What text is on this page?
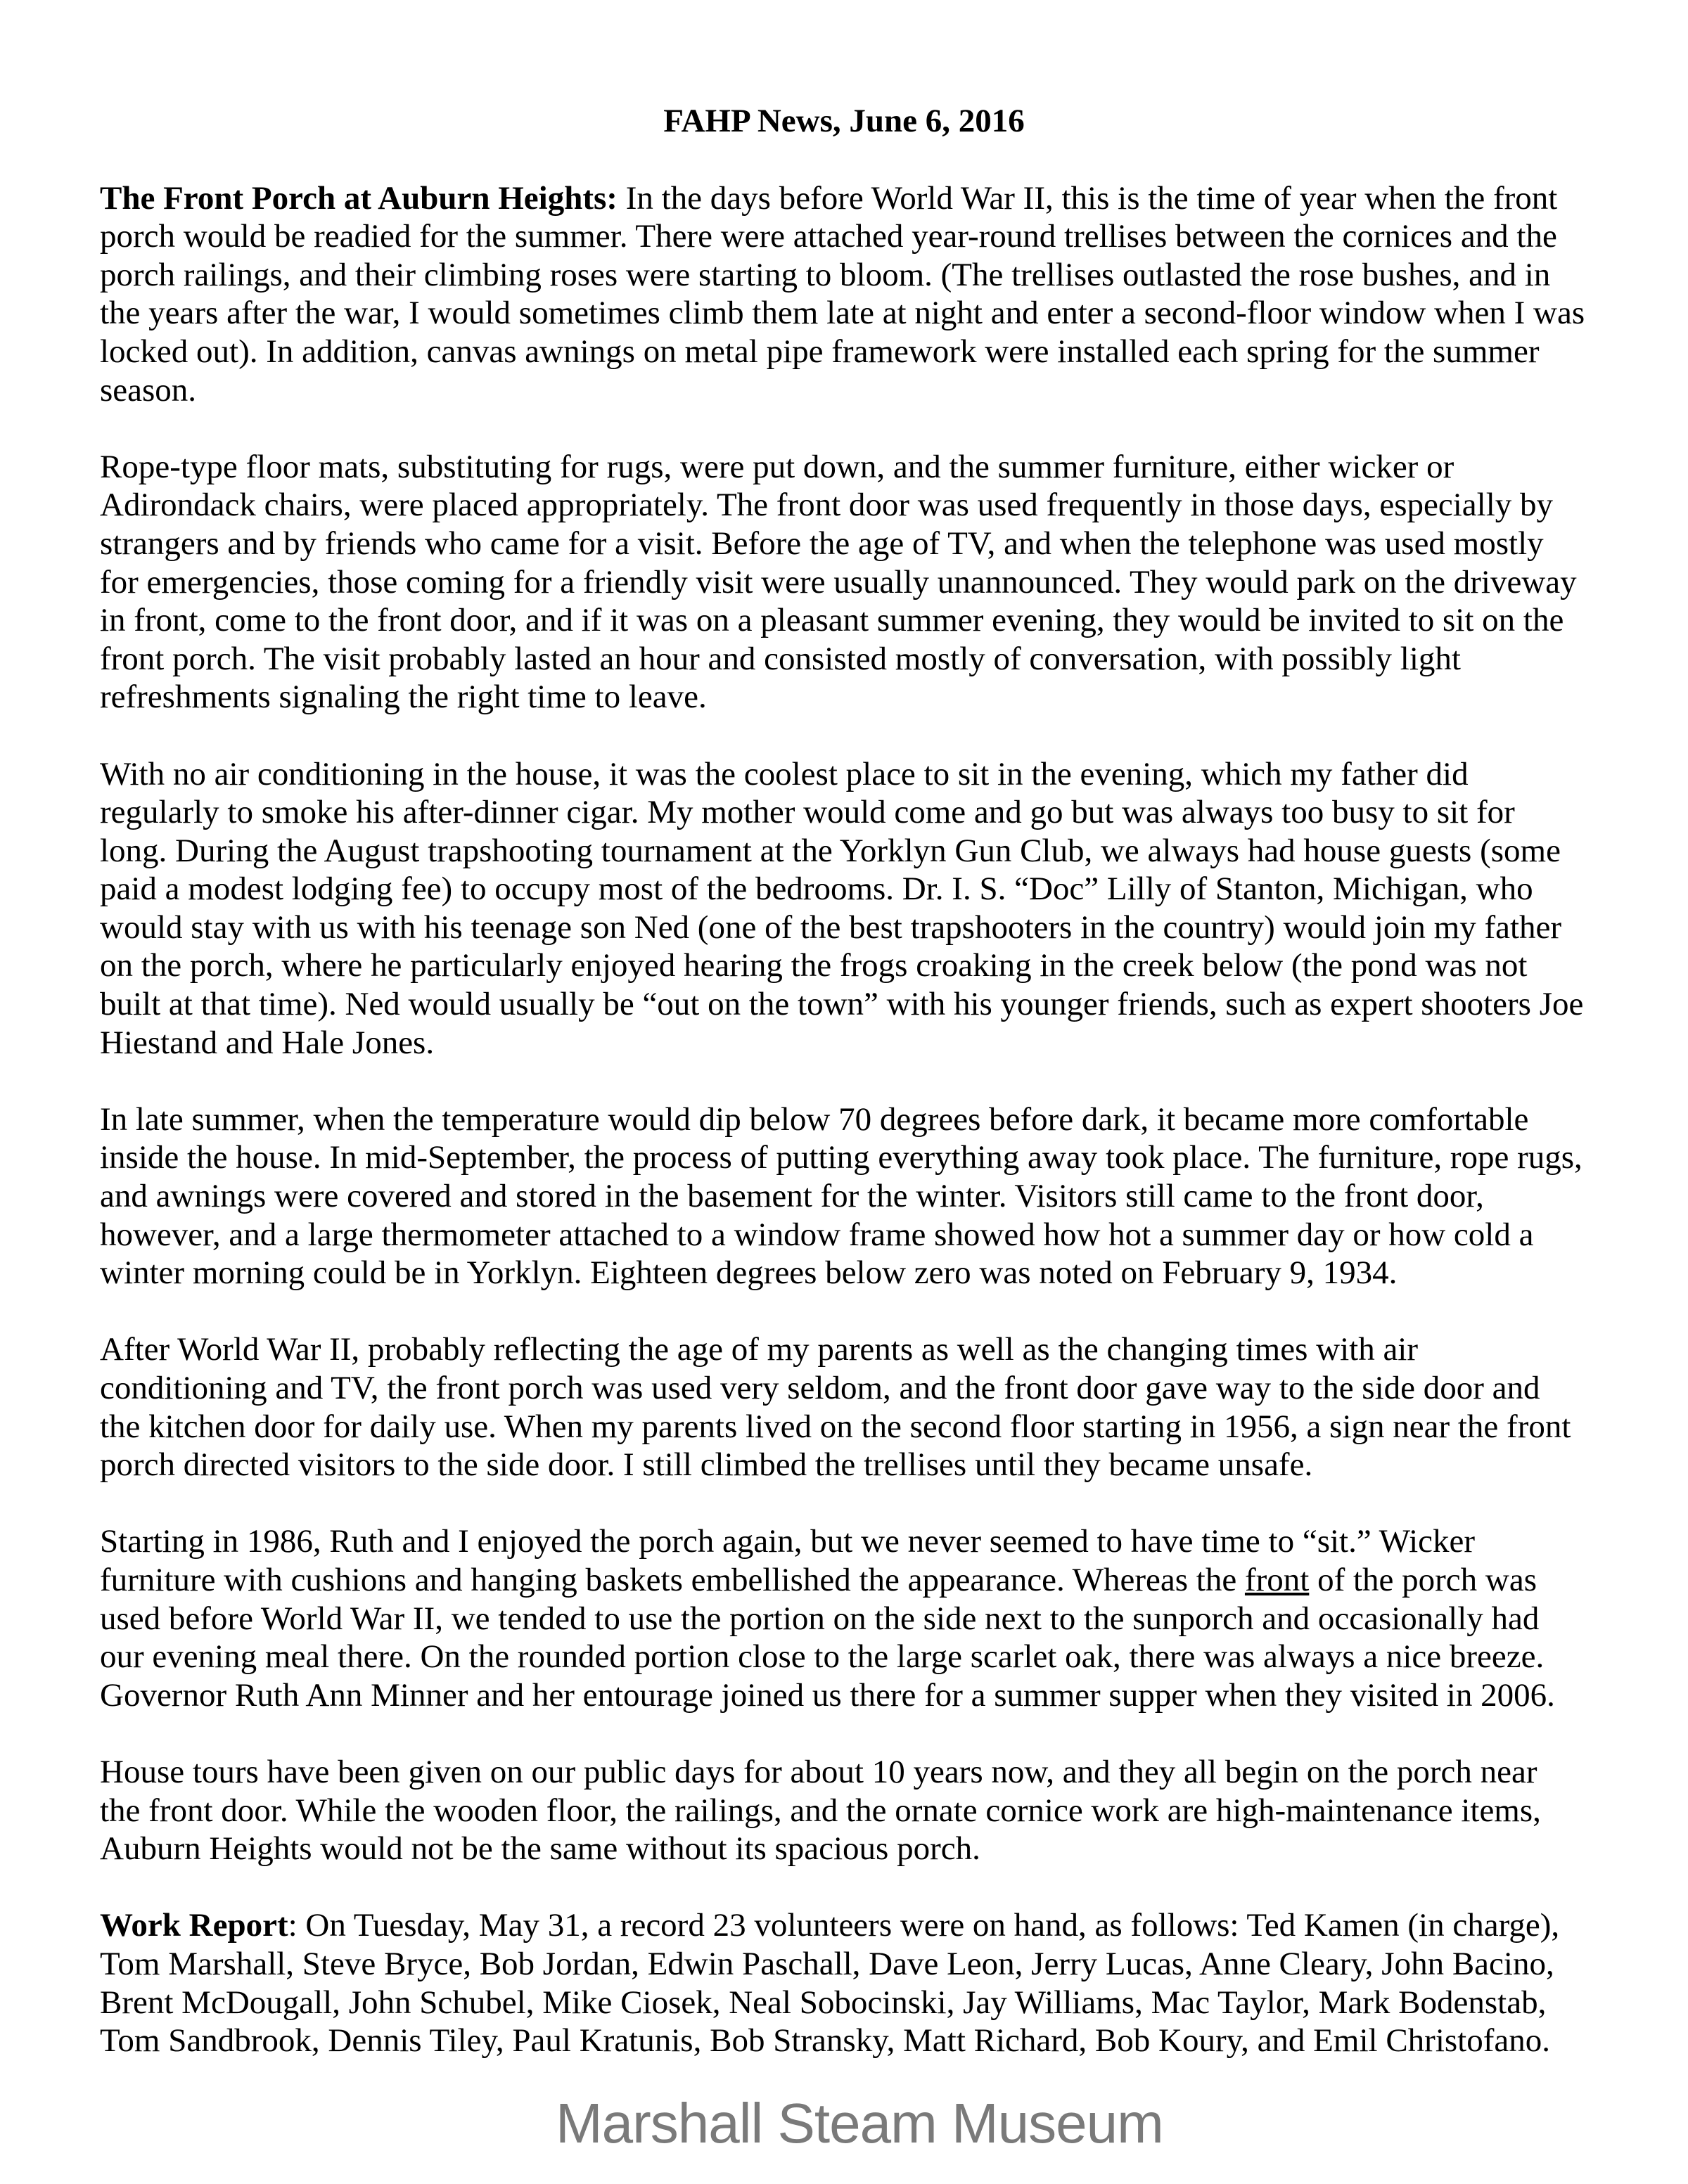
FAHP News, June 6, 2016

The Front Porch at Auburn Heights: In the days before World War II, this is the time of year when the front
porch would be readied for the summer. There were attached year-round trellises between the cornices and the
porch railings, and their climbing roses were starting to bloom. (The trellises outlasted the rose bushes, and in
the years after the war, I would sometimes climb them late at night and enter a second-floor window when I was
locked out). In addition, canvas awnings on metal pipe framework were installed each spring for the summer
season.

Rope-type floor mats, substituting for rugs, were put down, and the summer furniture, either wicker or
Adirondack chairs, were placed appropriately. The front door was used frequently in those days, especially by
strangers and by friends who came for a visit. Before the age of TV, and when the telephone was used mostly
for emergencies, those coming for a friendly visit were usually unannounced. They would park on the driveway
in front, come to the front door, and if it was on a pleasant summer evening, they would be invited to sit on the
front porch. The visit probably lasted an hour and consisted mostly of conversation, with possibly light
refreshments signaling the right time to leave.

With no air conditioning in the house, it was the coolest place to sit in the evening, which my father did
regularly to smoke his after-dinner cigar. My mother would come and go but was always too busy to sit for
long. During the August trapshooting tournament at the Yorklyn Gun Club, we always had house guests (some
paid a modest lodging fee) to occupy most of the bedrooms. Dr. I. S. “Doc” Lilly of Stanton, Michigan, who
would stay with us with his teenage son Ned (one of the best trapshooters in the country) would join my father
on the porch, where he particularly enjoyed hearing the frogs croaking in the creek below (the pond was not
built at that time). Ned would usually be “out on the town” with his younger friends, such as expert shooters Joe
Hiestand and Hale Jones.

In late summer, when the temperature would dip below 70 degrees before dark, it became more comfortable
inside the house. In mid-September, the process of putting everything away took place. The furniture, rope rugs,
and awnings were covered and stored in the basement for the winter. Visitors still came to the front door,
however, and a large thermometer attached to a window frame showed how hot a summer day or how cold a
winter morning could be in Yorklyn. Eighteen degrees below zero was noted on February 9, 1934.

After World War II, probably reflecting the age of my parents as well as the changing times with air
conditioning and TV, the front porch was used very seldom, and the front door gave way to the side door and
the kitchen door for daily use. When my parents lived on the second floor starting in 1956, a sign near the front
porch directed visitors to the side door. I still climbed the trellises until they became unsafe.

Starting in 1986, Ruth and I enjoyed the porch again, but we never seemed to have time to “sit.” Wicker
furniture with cushions and hanging baskets embellished the appearance. Whereas the front of the porch was
used before World War II, we tended to use the portion on the side next to the sunporch and occasionally had
our evening meal there. On the rounded portion close to the large scarlet oak, there was always a nice breeze.
Governor Ruth Ann Minner and her entourage joined us there for a summer supper when they visited in 2006.

House tours have been given on our public days for about 10 years now, and they all begin on the porch near
the front door. While the wooden floor, the railings, and the ornate cornice work are high-maintenance items,
Auburn Heights would not be the same without its spacious porch.

Work Report: On Tuesday, May 31, a record 23 volunteers were on hand, as follows: Ted Kamen (in charge),
Tom Marshall, Steve Bryce, Bob Jordan, Edwin Paschall, Dave Leon, Jerry Lucas, Anne Cleary, John Bacino,
Brent McDougall, John Schubel, Mike Ciosek, Neal Sobocinski, Jay Williams, Mac Taylor, Mark Bodenstab,
Tom Sandbrook, Dennis Tiley, Paul Kratunis, Bob Stransky, Matt Richard, Bob Koury, and Emil Christofano.

Marshall Steam Museum
